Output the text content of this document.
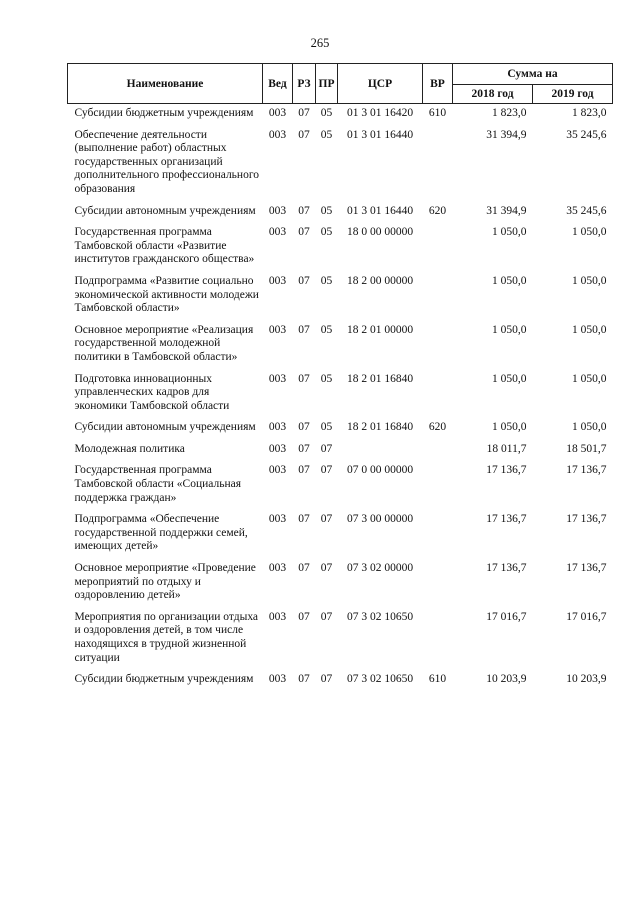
265
Наименование	Вед	РЗ	ПР	ЦСР	ВР	Сумма на	
						2018 год	2019 год
Субсидии бюджетным учреждениям	003	07	05	01 3 01 16420	610	1 823,0	1 823,0
Обеспечение деятельности (выполнение работ) областных государственных организаций дополнительного профессионального образования	003	07	05	01 3 01 16440		31 394,9	35 245,6
Субсидии автономным учреждениям	003	07	05	01 3 01 16440	620	31 394,9	35 245,6
Государственная программа Тамбовской области «Развитие институтов гражданского общества»	003	07	05	18 0 00 00000		1 050,0	1 050,0
Подпрограмма «Развитие социально экономической активности молодежи Тамбовской области»	003	07	05	18 2 00 00000		1 050,0	1 050,0
Основное мероприятие «Реализация государственной молодежной политики в Тамбовской области»	003	07	05	18 2 01 00000		1 050,0	1 050,0
Подготовка инновационных управленческих кадров для экономики Тамбовской области	003	07	05	18 2 01 16840		1 050,0	1 050,0
Субсидии автономным учреждениям	003	07	05	18 2 01 16840	620	1 050,0	1 050,0
Молодежная политика	003	07	07			18 011,7	18 501,7
Государственная программа Тамбовской области «Социальная поддержка граждан»	003	07	07	07 0 00 00000		17 136,7	17 136,7
Подпрограмма «Обеспечение государственной поддержки семей, имеющих детей»	003	07	07	07 3 00 00000		17 136,7	17 136,7
Основное мероприятие «Проведение мероприятий по отдыху и оздоровлению детей»	003	07	07	07 3 02 00000		17 136,7	17 136,7
Мероприятия по организации отдыха и оздоровления детей, в том числе находящихся в трудной жизненной ситуации	003	07	07	07 3 02 10650		17 016,7	17 016,7
Субсидии бюджетным учреждениям	003	07	07	07 3 02 10650	610	10 203,9	10 203,9
